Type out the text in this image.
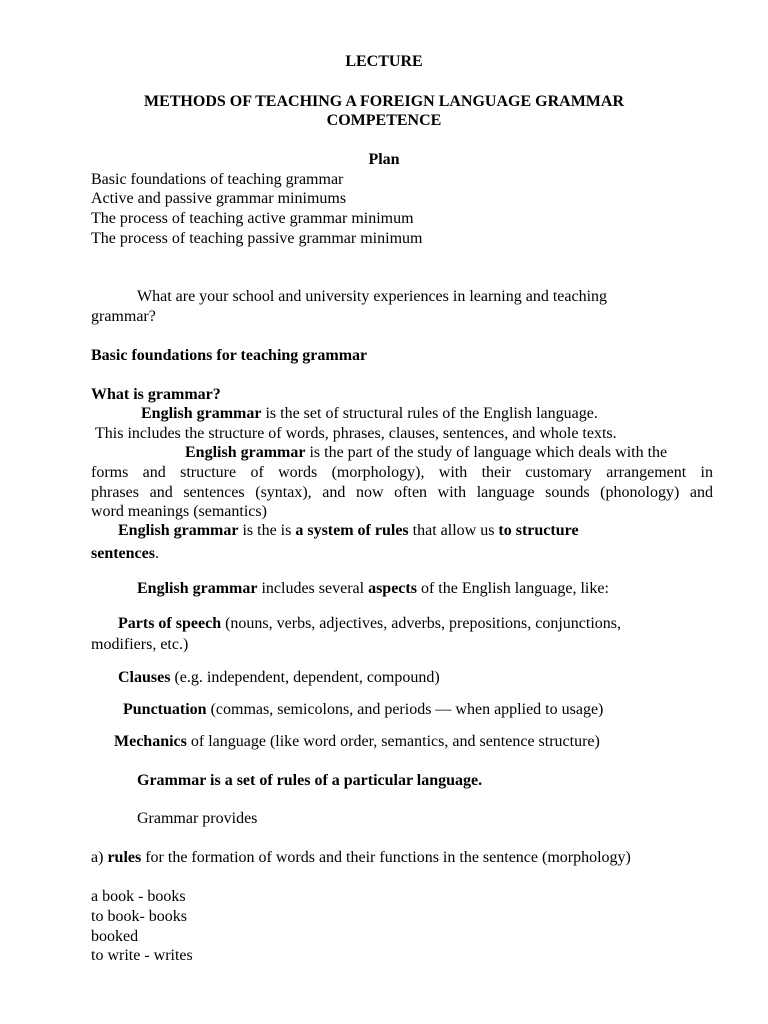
LECTURE
METHODS OF TEACHING A FOREIGN LANGUAGE GRAMMAR
COMPETENCE
Plan
Basic foundations of teaching grammar
Active and passive grammar minimums
The process of teaching active grammar minimum
The process of teaching passive grammar minimum
What are your school and university experiences in learning and teaching
grammar?
Basic foundations for teaching grammar
What is grammar?
English grammar is the set of structural rules of the English language.
This includes the structure of words, phrases, clauses, sentences, and whole texts.
English grammar is the part of the study of language which deals with the
forms and structure of words (morphology), with their customary arrangement in
phrases and sentences (syntax), and now often with language sounds (phonology) and
word meanings (semantics)
English grammar is the is a system of rules that allow us to structure
sentences.
English grammar includes several aspects of the English language, like:
Parts of speech (nouns, verbs, adjectives, adverbs, prepositions, conjunctions,
modifiers, etc.)
Clauses (e.g. independent, dependent, compound)
Punctuation (commas, semicolons, and periods — when applied to usage)
Mechanics of language (like word order, semantics, and sentence structure)
Grammar is a set of rules of a particular language.
Grammar provides
a) rules for the formation of words and their functions in the sentence (morphology)
a book - books
to book- books
booked
to write - writes
